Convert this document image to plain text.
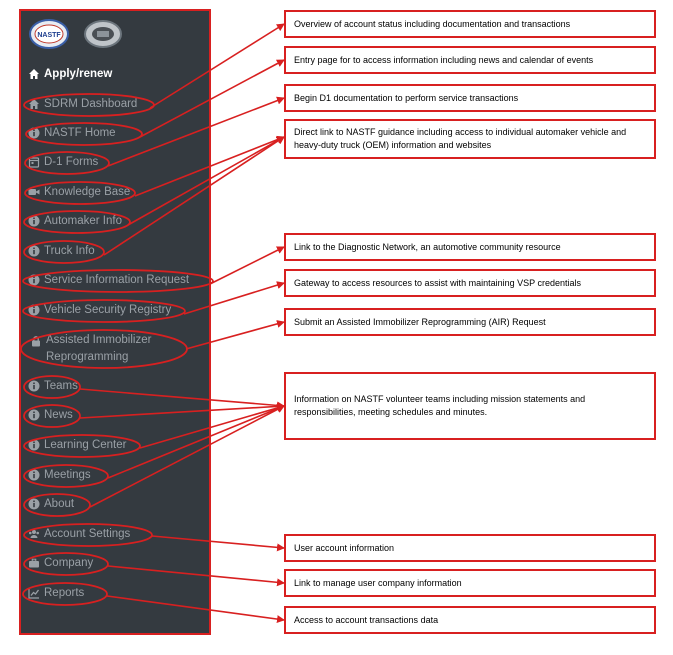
NASTF
Apply/renew
SDRM Dashboard
NASTF Home
D-1 Forms
Knowledge Base
Automaker Info
Truck Info
Service Information Request
Vehicle Security Registry
Assisted Immobilizer Reprogramming
Teams
News
Learning Center
Meetings
About
Account Settings
Company
Reports
Overview of account status including documentation and transactions
Entry page for to access information including news and calendar of events
Begin D1 documentation to perform service transactions
Direct link to NASTF guidance including access to individual automaker vehicle and heavy-duty truck (OEM) information and websites
Link to the Diagnostic Network, an automotive community resource
Gateway to access resources to assist with maintaining VSP credentials
Submit an Assisted Immobilizer Reprogramming (AIR) Request
Information on NASTF volunteer teams including mission statements and responsibilities, meeting schedules and minutes.
User account information
Link to manage user company information
Access to account transactions data
